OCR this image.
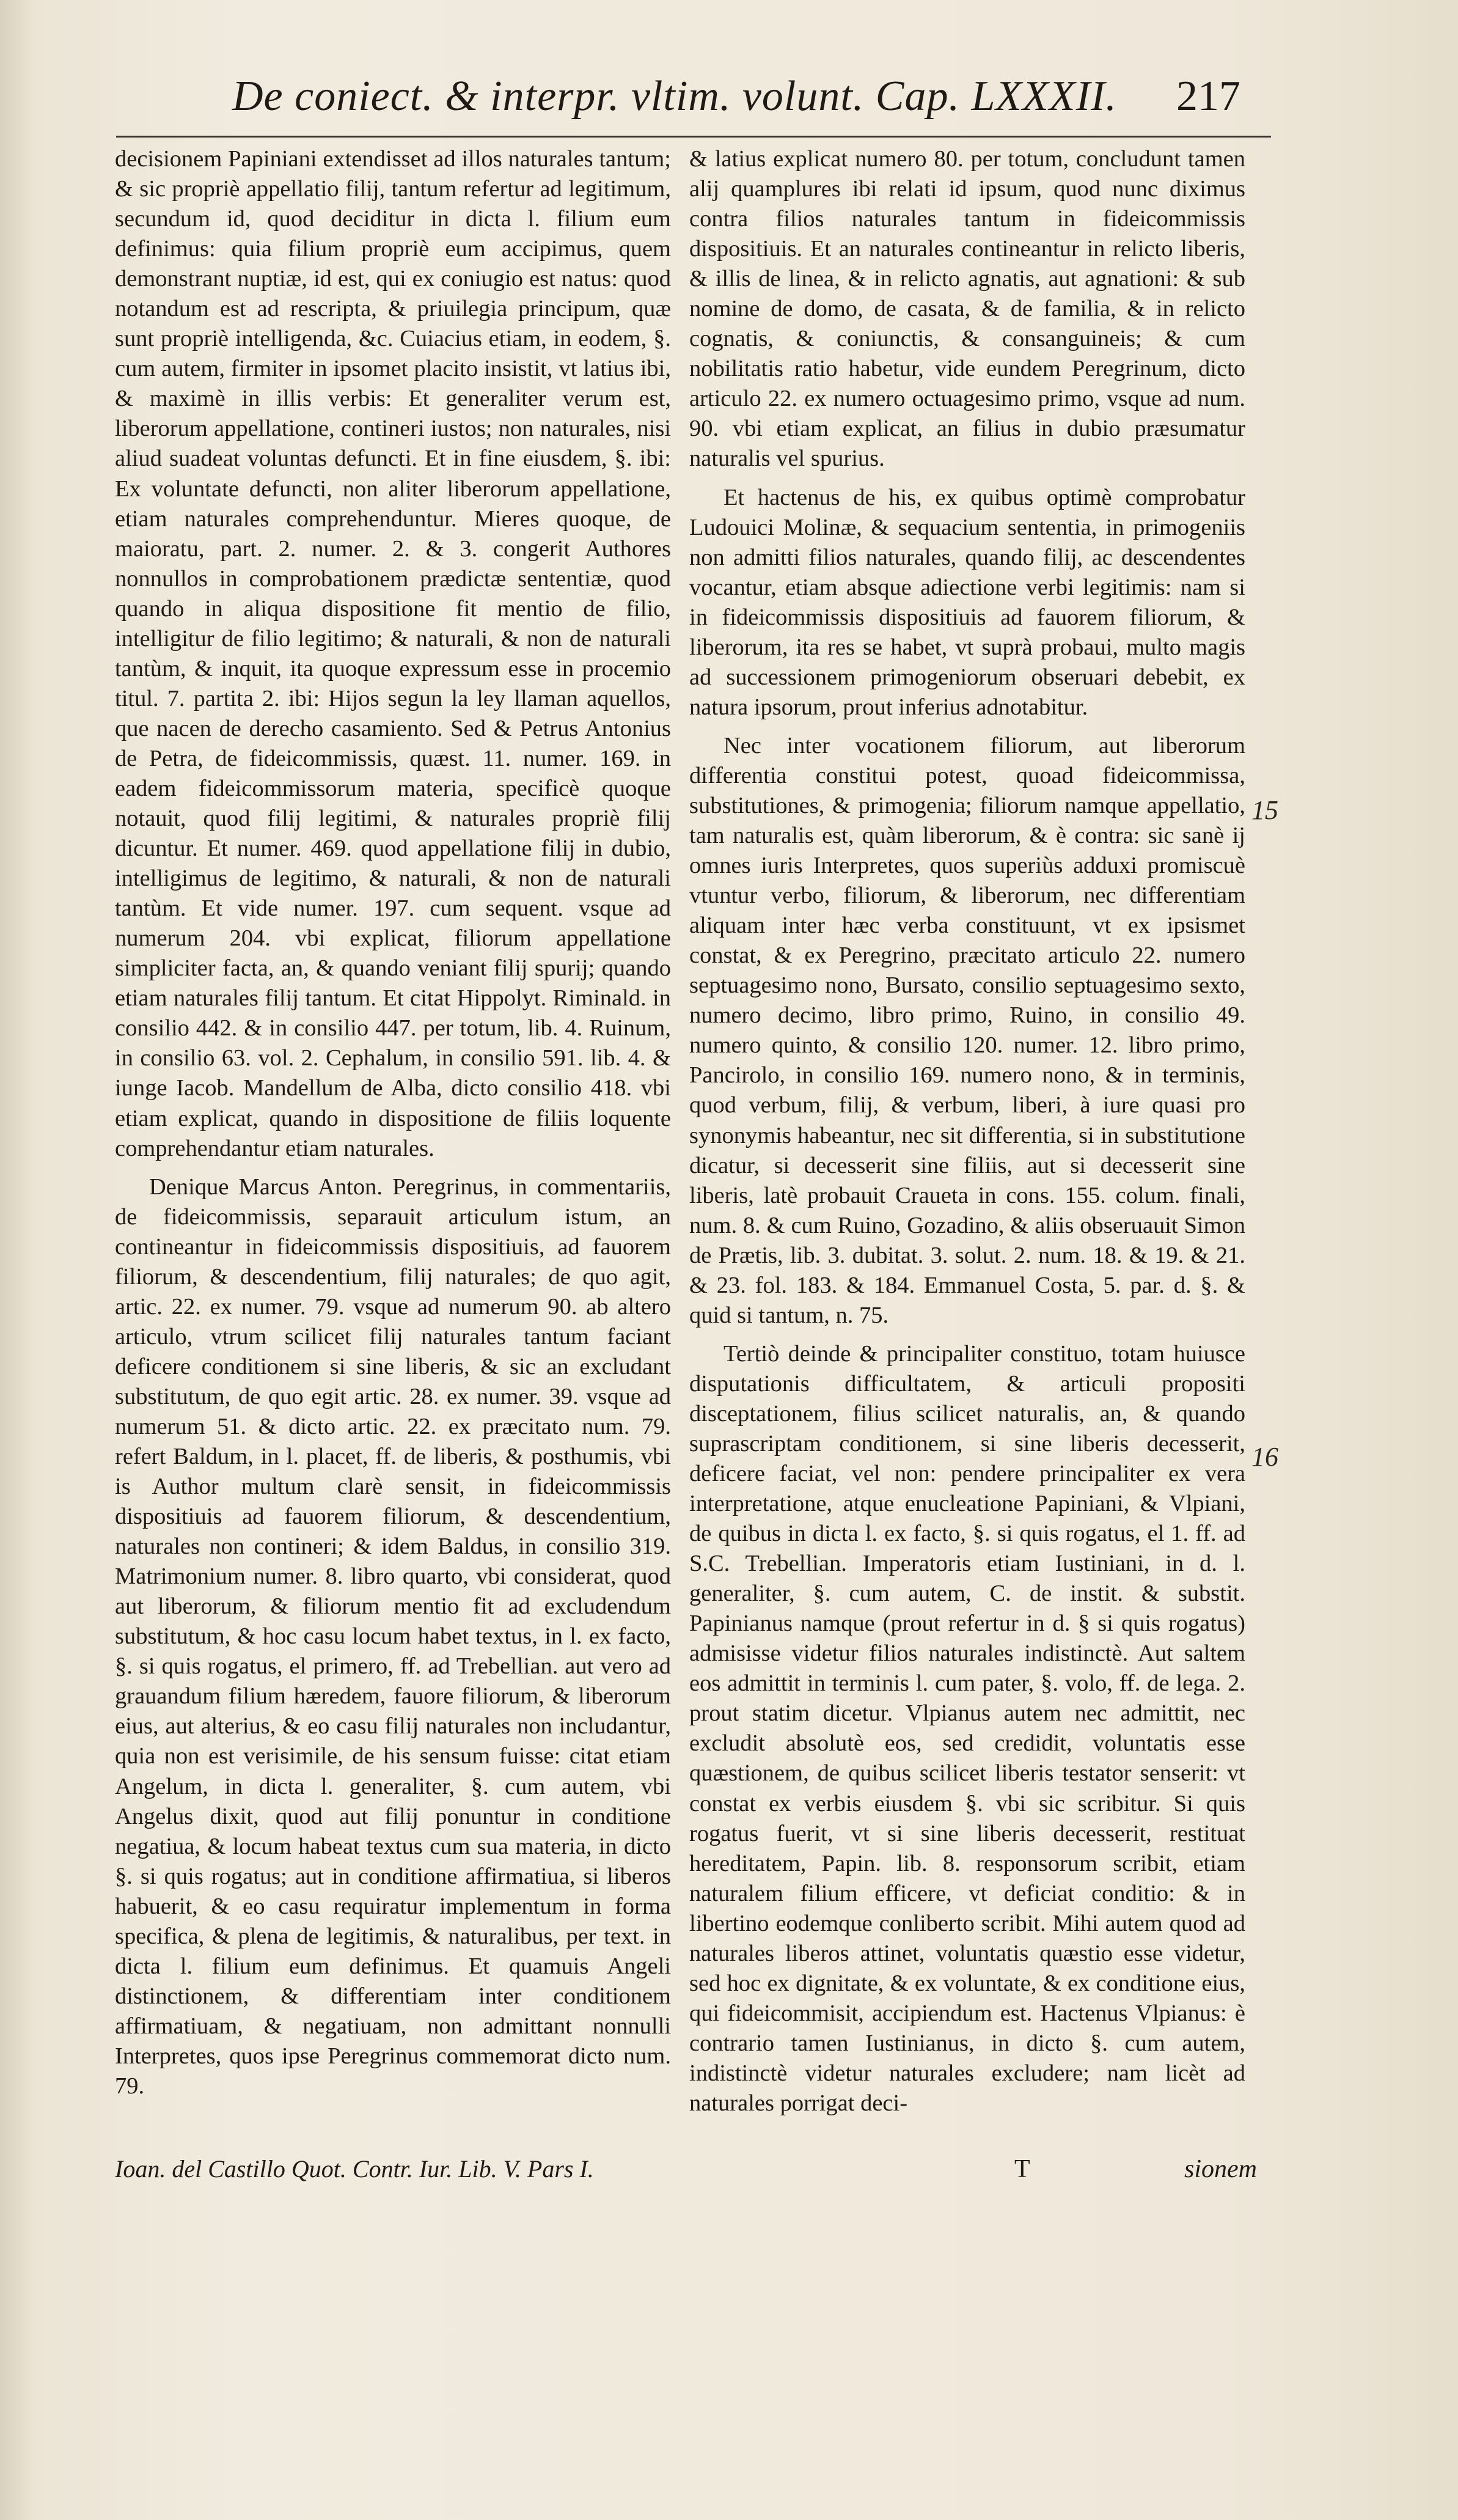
De coniect. & interpr. vltim. volunt. Cap. LXXXII. 217

decisionem Papiniani extendisset ad illos naturales tantum; & sic propriè appellatio filij, tantum refertur ad legitimum, secundum id, quod deciditur in dicta l. filium eum definimus: quia filium propriè eum accipimus, quem demonstrant nuptiæ, id est, qui ex coniugio est natus: quod notandum est ad rescripta, & priuilegia principum, quæ sunt propriè intelligenda, &c. Cuiacius etiam, in eodem, §. cum autem, firmiter in ipsomet placito insistit, vt latius ibi, & maximè in illis verbis: Et generaliter verum est, liberorum appellatione, contineri iustos; non naturales, nisi aliud suadeat voluntas defuncti. Et in fine eiusdem, §. ibi: Ex voluntate defuncti, non aliter liberorum appellatione, etiam naturales comprehenduntur. Mieres quoque, de maioratu, part. 2. numer. 2. & 3. congerit Authores nonnullos in comprobationem prædictæ sententiæ, quod quando in aliqua dispositione fit mentio de filio, intelligitur de filio legitimo; & naturali, & non de naturali tantùm, & inquit, ita quoque expressum esse in procemio titul. 7. partita 2. ibi: Hijos segun la ley llaman aquellos, que nacen de derecho casamiento. Sed & Petrus Antonius de Petra, de fideicommissis, quæst. 11. numer. 169. in eadem fideicommissorum materia, specificè quoque notauit, quod filij legitimi, & naturales propriè filij dicuntur. Et numer. 469. quod appellatione filij in dubio, intelligimus de legitimo, & naturali, & non de naturali tantùm. Et vide numer. 197. cum sequent. vsque ad numerum 204. vbi explicat, filiorum appellatione simpliciter facta, an, & quando veniant filij spurij; quando etiam naturales filij tantum. Et citat Hippolyt. Riminald. in consilio 442. & in consilio 447. per totum, lib. 4. Ruinum, in consilio 63. vol. 2. Cephalum, in consilio 591. lib. 4. & iunge Iacob. Mandellum de Alba, dicto consilio 418. vbi etiam explicat, quando in dispositione de filiis loquente comprehendantur etiam naturales.

Denique Marcus Anton. Peregrinus, in commentariis, de fideicommissis, separauit articulum istum, an contineantur in fideicommissis dispositiuis, ad fauorem filiorum, & descendentium, filij naturales; de quo agit, artic. 22. ex numer. 79. vsque ad numerum 90. ab altero articulo, vtrum scilicet filij naturales tantum faciant deficere conditionem si sine liberis, & sic an excludant substitutum, de quo egit artic. 28. ex numer. 39. vsque ad numerum 51. & dicto artic. 22. ex præcitato num. 79. refert Baldum, in l. placet, ff. de liberis, & posthumis, vbi is Author multum clarè sensit, in fideicommissis dispositiuis ad fauorem filiorum, & descendentium, naturales non contineri; & idem Baldus, in consilio 319. Matrimonium numer. 8. libro quarto, vbi considerat, quod aut liberorum, & filiorum mentio fit ad excludendum substitutum, & hoc casu locum habet textus, in l. ex facto, §. si quis rogatus, el primero, ff. ad Trebellian. aut vero ad grauandum filium hæredem, fauore filiorum, & liberorum eius, aut alterius, & eo casu filij naturales non includantur, quia non est verisimile, de his sensum fuisse: citat etiam Angelum, in dicta l. generaliter, §. cum autem, vbi Angelus dixit, quod aut filij ponuntur in conditione negatiua, & locum habeat textus cum sua materia, in dicto §. si quis rogatus; aut in conditione affirmatiua, si liberos habuerit, & eo casu requiratur implementum in forma specifica, & plena de legitimis, & naturalibus, per text. in dicta l. filium eum definimus. Et quamuis Angeli distinctionem, & differentiam inter conditionem affirmatiuam, & negatiuam, non admittant nonnulli Interpretes, quos ipse Peregrinus commemorat dicto num. 79.

& latius explicat numero 80. per totum, concludunt tamen alij quamplures ibi relati id ipsum, quod nunc diximus contra filios naturales tantum in fideicommissis dispositiuis. Et an naturales contineantur in relicto liberis, & illis de linea, & in relicto agnatis, aut agnationi: & sub nomine de domo, de casata, & de familia, & in relicto cognatis, & coniunctis, & consanguineis; & cum nobilitatis ratio habetur, vide eundem Peregrinum, dicto articulo 22. ex numero octuagesimo primo, vsque ad num. 90. vbi etiam explicat, an filius in dubio præsumatur naturalis vel spurius.

Et hactenus de his, ex quibus optimè comprobatur Ludouici Molinæ, & sequacium sententia, in primogeniis non admitti filios naturales, quando filij, ac descendentes vocantur, etiam absque adiectione verbi legitimis: nam si in fideicommissis dispositiuis ad fauorem filiorum, & liberorum, ita res se habet, vt suprà probaui, multo magis ad successionem primogeniorum obseruari debebit, ex natura ipsorum, prout inferius adnotabitur.

Nec inter vocationem filiorum, aut liberorum differentia constitui potest, quoad fideicommissa, substitutiones, & primogenia; filiorum namque appellatio, tam naturalis est, quàm liberorum, & è contra: sic sanè ij omnes iuris Interpretes, quos superiùs adduxi promiscuè vtuntur verbo, filiorum, & liberorum, nec differentiam aliquam inter hæc verba constituunt, vt ex ipsismet constat, & ex Peregrino, præcitato articulo 22. numero septuagesimo nono, Bursato, consilio septuagesimo sexto, numero decimo, libro primo, Ruino, in consilio 49. numero quinto, & consilio 120. numer. 12. libro primo, Pancirolo, in consilio 169. numero nono, & in terminis, quod verbum, filij, & verbum, liberi, à iure quasi pro synonymis habeantur, nec sit differentia, si in substitutione dicatur, si decesserit sine filiis, aut si decesserit sine liberis, latè probauit Craueta in cons. 155. colum. finali, num. 8. & cum Ruino, Gozadino, & aliis obseruauit Simon de Prætis, lib. 3. dubitat. 3. solut. 2. num. 18. & 19. & 21. & 23. fol. 183. & 184. Emmanuel Costa, 5. par. d. §. & quid si tantum, n. 75.

Tertiò deinde & principaliter constituo, totam huiusce disputationis difficultatem, & articuli propositi disceptationem, filius scilicet naturalis, an, & quando suprascriptam conditionem, si sine liberis decesserit, deficere faciat, vel non: pendere principaliter ex vera interpretatione, atque enucleatione Papiniani, & Vlpiani, de quibus in dicta l. ex facto, §. si quis rogatus, el 1. ff. ad S.C. Trebellian. Imperatoris etiam Iustiniani, in d. l. generaliter, §. cum autem, C. de instit. & substit. Papinianus namque (prout refertur in d. § si quis rogatus) admisisse videtur filios naturales indistinctè. Aut saltem eos admittit in terminis l. cum pater, §. volo, ff. de lega. 2. prout statim dicetur. Vlpianus autem nec admittit, nec excludit absolutè eos, sed credidit, voluntatis esse quæstionem, de quibus scilicet liberis testator senserit: vt constat ex verbis eiusdem §. vbi sic scribitur. Si quis rogatus fuerit, vt si sine liberis decesserit, restituat hereditatem, Papin. lib. 8. responsorum scribit, etiam naturalem filium efficere, vt deficiat conditio: & in libertino eodemque conliberto scribit. Mihi autem quod ad naturales liberos attinet, voluntatis quæstio esse videtur, sed hoc ex dignitate, & ex voluntate, & ex conditione eius, qui fideicommisit, accipiendum est. Hactenus Vlpianus: è contrario tamen Iustinianus, in dicto §. cum autem, indistinctè videtur naturales excludere; nam licèt ad naturales porrigat deci-

15
16
Ioan. del Castillo Quot. Contr. Iur. Lib. V. Pars I.	T	sionem
